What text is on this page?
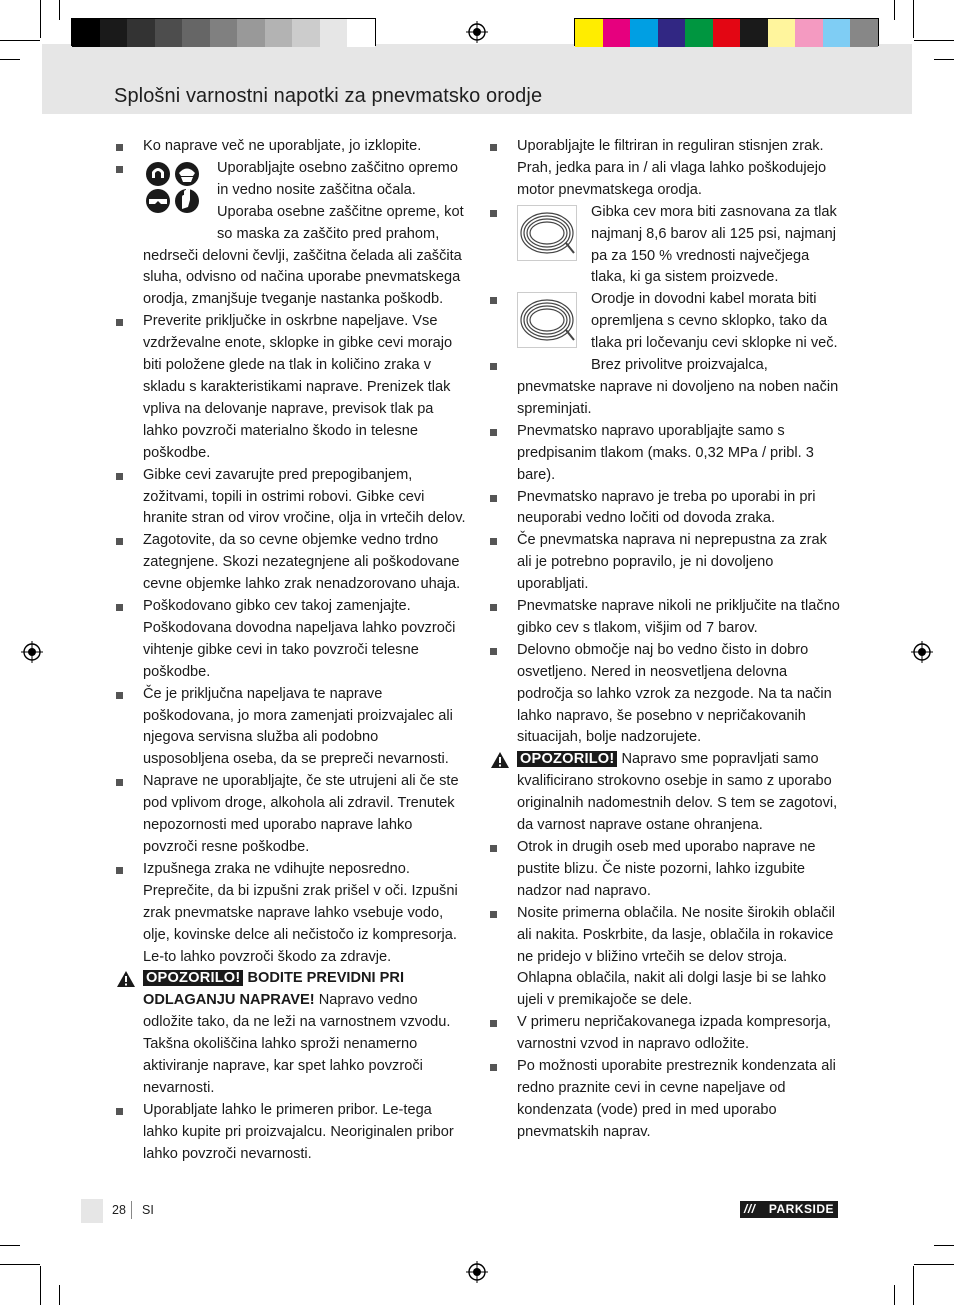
Splošni varnostni napotki za pnevmatsko orodje
Ko naprave več ne uporabljate, jo izklopite.
Uporabljajte osebno zaščitno opremo in vedno nosite zaščitna očala. Uporaba osebne zaščitne opreme, kot so maska za zaščito pred prahom, nedrseči delovni čevlji, zaščitna čelada ali zaščita sluha, odvisno od načina uporabe pnevmatskega orodja, zmanjšuje tveganje nastanka poškodb.
Preverite priključke in oskrbne napeljave. Vse vzdrževalne enote, sklopke in gibke cevi morajo biti položene glede na tlak in količino zraka v skladu s karakteristikami naprave. Prenizek tlak vpliva na delovanje naprave, previsok tlak pa lahko povzroči materialno škodo in telesne poškodbe.
Gibke cevi zavarujte pred prepogibanjem, zožitvami, topili in ostrimi robovi. Gibke cevi hranite stran od virov vročine, olja in vrtečih delov.
Zagotovite, da so cevne objemke vedno trdno zategnjene. Skozi nezategnjene ali poškodovane cevne objemke lahko zrak nenadzorovano uhaja.
Poškodovano gibko cev takoj zamenjajte. Poškodovana dovodna napeljava lahko povzroči vihtenje gibke cevi in tako povzroči telesne poškodbe.
Če je priključna napeljava te naprave poškodovana, jo mora zamenjati proizvajalec ali njegova servisna služba ali podobno usposobljena oseba, da se prepreči nevarnosti.
Naprave ne uporabljajte, če ste utrujeni ali če ste pod vplivom droge, alkohola ali zdravil. Trenutek nepozornosti med uporabo naprave lahko povzroči resne poškodbe.
Izpušnega zraka ne vdihujte neposredno. Preprečite, da bi izpušni zrak prišel v oči. Izpušni zrak pnevmatske naprave lahko vsebuje vodo, olje, kovinske delce ali nečistočo iz kompresorja. Le-to lahko povzroči škodo za zdravje.
OPOZORILO! BODITE PREVIDNI PRI ODLAGANJU NAPRAVE! Napravo vedno odložite tako, da ne leži na varnostnem vzvodu. Takšna okoliščina lahko sproži nenamerno aktiviranje naprave, kar spet lahko povzroči nevarnosti.
Uporabljate lahko le primeren pribor. Le-tega lahko kupite pri proizvajalcu. Neoriginalen pribor lahko povzroči nevarnosti.
Uporabljajte le filtriran in reguliran stisnjen zrak. Prah, jedka para in / ali vlaga lahko poškodujejo motor pnevmatskega orodja.
Gibka cev mora biti zasnovana za tlak najmanj 8,6 barov ali 125 psi, najmanj pa za 150 % vrednosti največjega tlaka, ki ga sistem proizvede.
Orodje in dovodni kabel morata biti opremljena s cevno sklopko, tako da tlaka pri ločevanju cevi sklopke ni več.
Brez privolitve proizvajalca, pnevmatske naprave ni dovoljeno na noben način spreminjati.
Pnevmatsko napravo uporabljajte samo s predpisanim tlakom (maks. 0,32 MPa / pribl. 3 bare).
Pnevmatsko napravo je treba po uporabi in pri neuporabi vedno ločiti od dovoda zraka.
Če pnevmatska naprava ni neprepustna za zrak ali je potrebno popravilo, je ni dovoljeno uporabljati.
Pnevmatske naprave nikoli ne priključite na tlačno gibko cev s tlakom, višjim od 7 barov.
Delovno območje naj bo vedno čisto in dobro osvetljeno. Nered in neosvetljena delovna področja so lahko vzrok za nezgode. Na ta način lahko napravo, še posebno v nepričakovanih situacijah, bolje nadzorujete.
OPOZORILO! Napravo sme popravljati samo kvalificirano strokovno osebje in samo z uporabo originalnih nadomestnih delov. S tem se zagotovi, da varnost naprave ostane ohranjena.
Otrok in drugih oseb med uporabo naprave ne pustite blizu. Če niste pozorni, lahko izgubite nadzor nad napravo.
Nosite primerna oblačila. Ne nosite širokih oblačil ali nakita. Poskrbite, da lasje, oblačila in rokavice ne pridejo v bližino vrtečih se delov stroja. Ohlapna oblačila, nakit ali dolgi lasje bi se lahko ujeli v premikajoče se dele.
V primeru nepričakovanega izpada kompresorja, varnostni vzvod in napravo odložite.
Po možnosti uporabite prestreznik kondenzata ali redno praznite cevi in cevne napeljave od kondenzata (vode) pred in med uporabo pnevmatskih naprav.
28 SI	/// PARKSIDE
